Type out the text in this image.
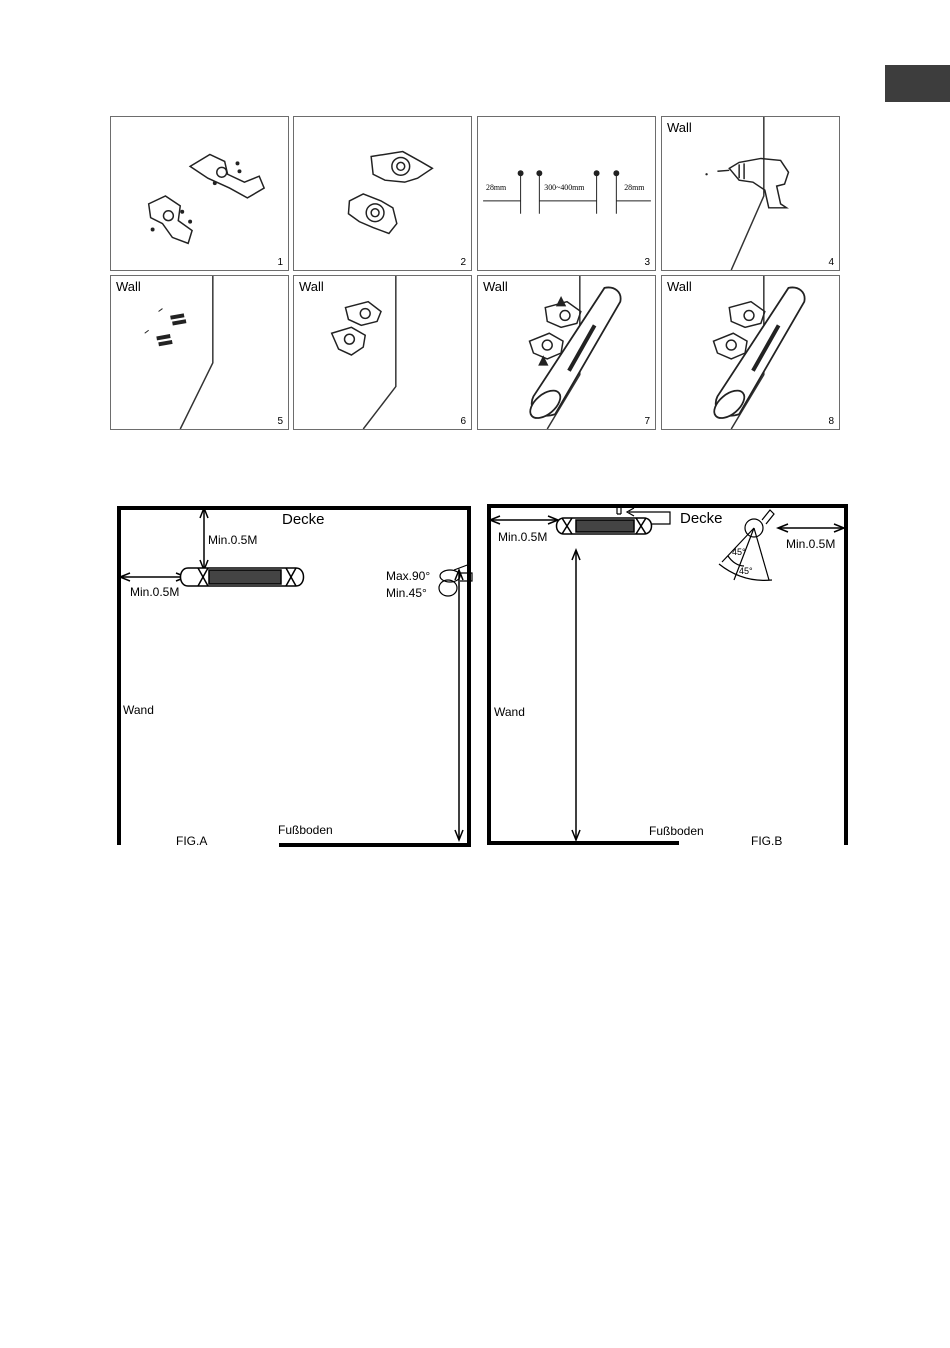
1	2
28mm	300~400mm	28mm
3
Wall
4
Wall
5
Wall
6
Wall
7
Wall
8
Decke
Min.0.5M
Min.0.5M
Max.90°
Min.45°
Wand
Fußboden
FIG.A
Decke
Min.0.5M	Min.0.5M
45°
45°
Wand
Fußboden
FIG.B
